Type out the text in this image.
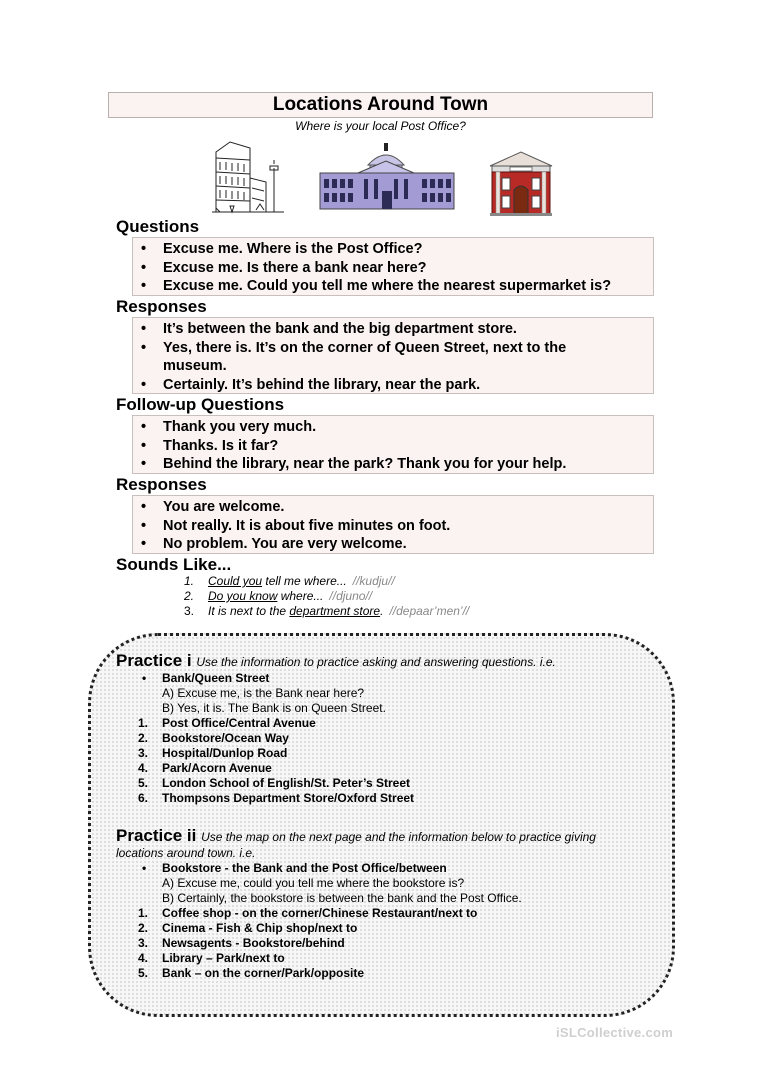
Locations Around Town
Where is your local Post Office?
Questions
• Excuse me. Where is the Post Office?
• Excuse me. Is there a bank near here?
• Excuse me. Could you tell me where the nearest supermarket is?
Responses
• It’s between the bank and the big department store.
• Yes, there is. It’s on the corner of Queen Street, next to the museum.
• Certainly. It’s behind the library, near the park.
Follow-up Questions
• Thank you very much.
• Thanks. Is it far?
• Behind the library, near the park? Thank you for your help.
Responses
• You are welcome.
• Not really. It is about five minutes on foot.
• No problem. You are very welcome.
Sounds Like...
1. Could you tell me where... //kudju//
2. Do you know where... //djuno//
3. It is next to the department store. //depaar’men’//
Practice i Use the information to practice asking and answering questions. i.e.
• Bank/Queen Street
A) Excuse me, is the Bank near here?
B) Yes, it is. The Bank is on Queen Street.
1. Post Office/Central Avenue
2. Bookstore/Ocean Way
3. Hospital/Dunlop Road
4. Park/Acorn Avenue
5. London School of English/St. Peter’s Street
6. Thompsons Department Store/Oxford Street
Practice ii Use the map on the next page and the information below to practice giving
locations around town. i.e.
• Bookstore - the Bank and the Post Office/between
A) Excuse me, could you tell me where the bookstore is?
B) Certainly, the bookstore is between the bank and the Post Office.
1. Coffee shop - on the corner/Chinese Restaurant/next to
2. Cinema - Fish & Chip shop/next to
3. Newsagents - Bookstore/behind
4. Library – Park/next to
5. Bank – on the corner/Park/opposite
iSLCollective.com
